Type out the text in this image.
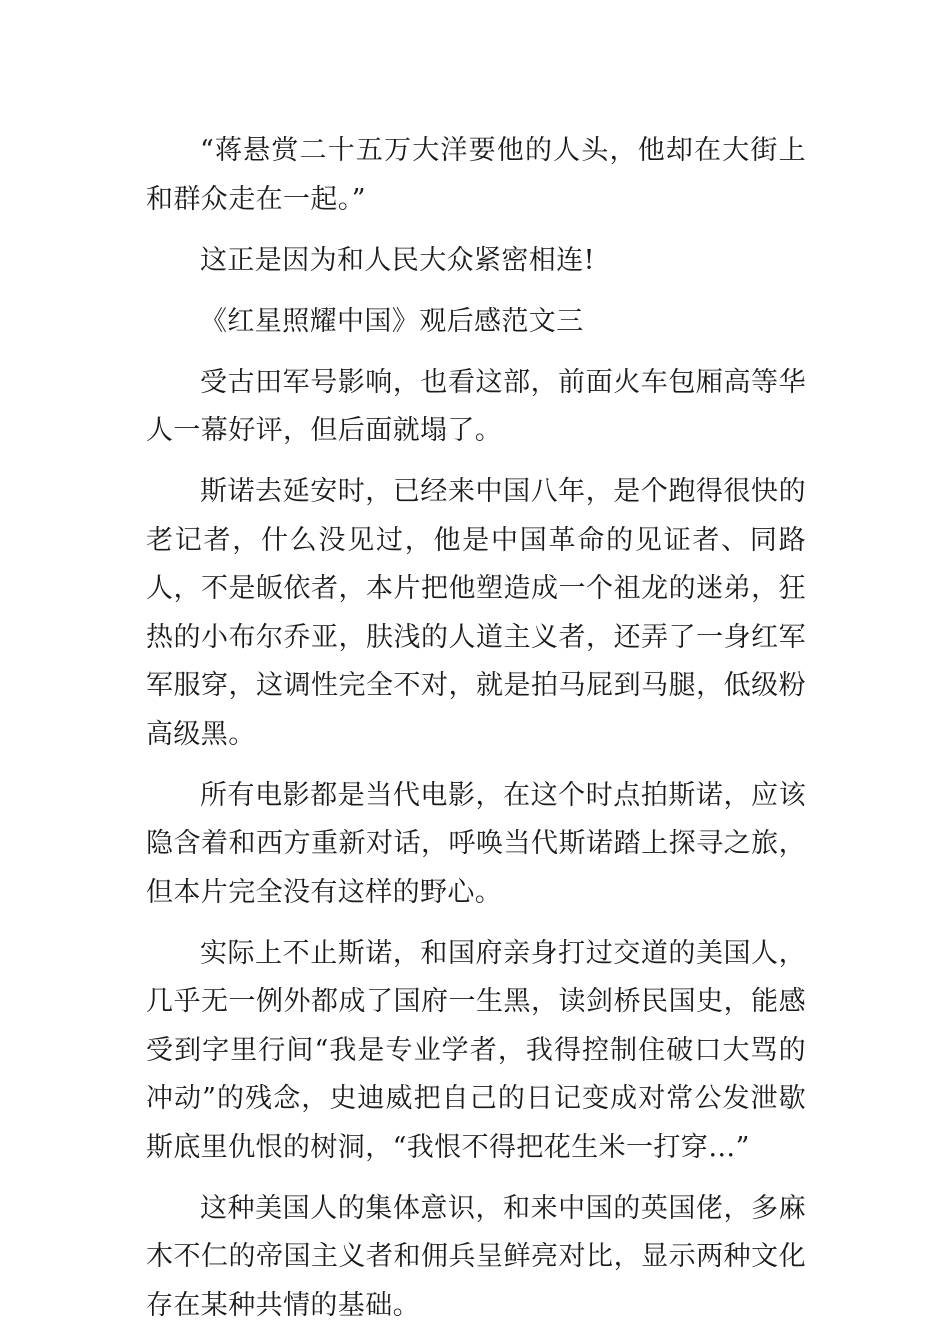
“蒋悬赏二十五万大洋要他的人头，他却在大街上和群众走在一起。”

这正是因为和人民大众紧密相连!

《红星照耀中国》观后感范文三

受古田军号影响，也看这部，前面火车包厢高等华人一幕好评，但后面就塌了。

斯诺去延安时，已经来中国八年，是个跑得很快的老记者，什么没见过，他是中国革命的见证者、同路人，不是皈依者，本片把他塑造成一个祖龙的迷弟，狂热的小布尔乔亚，肤浅的人道主义者，还弄了一身红军军服穿，这调性完全不对，就是拍马屁到马腿，低级粉高级黑。

所有电影都是当代电影，在这个时点拍斯诺，应该隐含着和西方重新对话，呼唤当代斯诺踏上探寻之旅，但本片完全没有这样的野心。

实际上不止斯诺，和国府亲身打过交道的美国人，几乎无一例外都成了国府一生黑，读剑桥民国史，能感受到字里行间“我是专业学者，我得控制住破口大骂的冲动”的残念，史迪威把自己的日记变成对常公发泄歇斯底里仇恨的树洞，“我恨不得把花生米一打穿…”

这种美国人的集体意识，和来中国的英国佬，多麻木不仁的帝国主义者和佣兵呈鲜亮对比，显示两种文化存在某种共情的基础。
